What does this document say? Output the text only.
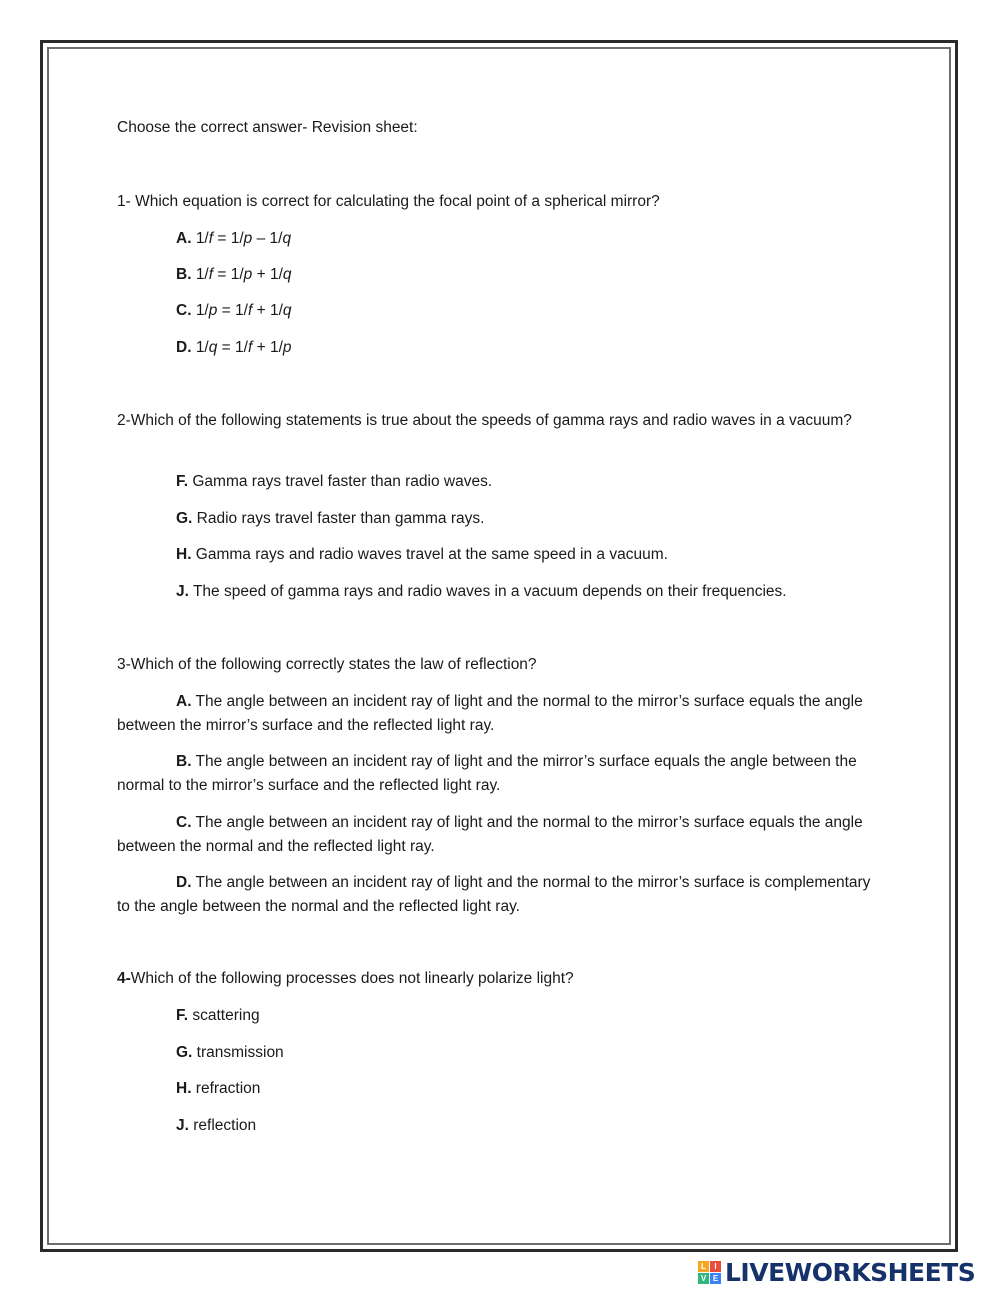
Choose the correct answer- Revision sheet:
1- Which equation is correct for calculating the focal point of a spherical mirror?
A. 1/f = 1/p – 1/q
B. 1/f = 1/p + 1/q
C. 1/p = 1/f + 1/q
D. 1/q = 1/f + 1/p
2-Which of the following statements is true about the speeds of gamma rays and radio waves in a vacuum?
F. Gamma rays travel faster than radio waves.
G. Radio rays travel faster than gamma rays.
H. Gamma rays and radio waves travel at the same speed in a vacuum.
J. The speed of gamma rays and radio waves in a vacuum depends on their frequencies.
3-Which of the following correctly states the law of reflection?
A. The angle between an incident ray of light and the normal to the mirror’s surface equals the angle between the mirror’s surface and the reflected light ray.
B. The angle between an incident ray of light and the mirror’s surface equals the angle between the normal to the mirror’s surface and the reflected light ray.
C. The angle between an incident ray of light and the normal to the mirror’s surface equals the angle between the normal and the reflected light ray.
D. The angle between an incident ray of light and the normal to the mirror’s surface is complementary to the angle between the normal and the reflected light ray.
4-Which of the following processes does not linearly polarize light?
F. scattering
G. transmission
H. refraction
J. reflection
L	I
V E LIVEWORKSHEETS
